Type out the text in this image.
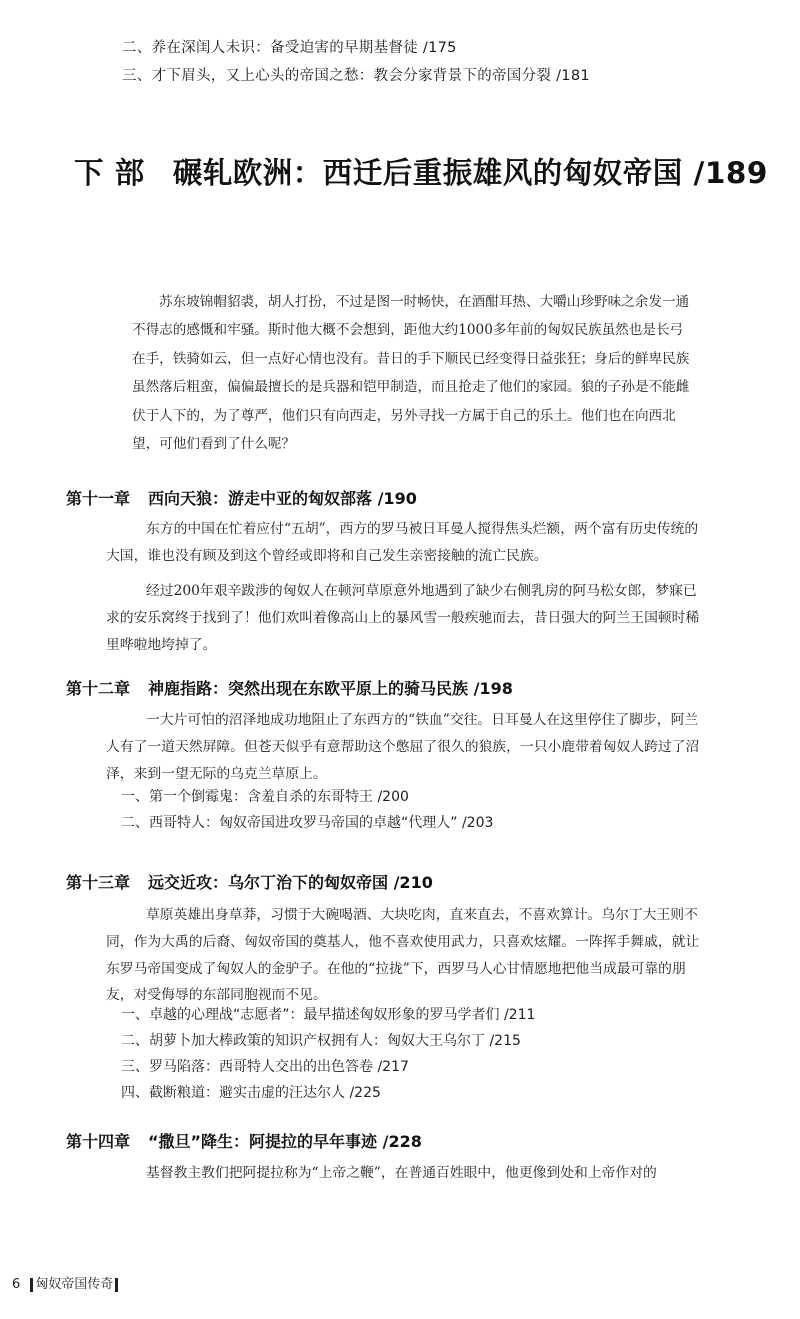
二、养在深闺人未识：备受迫害的早期基督徒 /175
三、才下眉头，又上心头的帝国之愁：教会分家背景下的帝国分裂 /181
下 部 碾轧欧洲：西迁后重振雄风的匈奴帝国 /189

苏东坡锦帽貂裘，胡人打扮，不过是图一时畅快，在酒酣耳热、大嚼山珍野味之余发一通不得志的感慨和牢骚。斯时他大概不会想到，距他大约1000多年前的匈奴民族虽然也是长弓在手，铁骑如云，但一点好心情也没有。昔日的手下顺民已经变得日益张狂；身后的鲜卑民族虽然落后粗蛮，偏偏最擅长的是兵器和铠甲制造，而且抢走了他们的家园。狼的子孙是不能雌伏于人下的，为了尊严，他们只有向西走，另外寻找一方属于自己的乐土。他们也在向西北望，可他们看到了什么呢？

第十一章 西向天狼：游走中亚的匈奴部落 /190

东方的中国在忙着应付“五胡”，西方的罗马被日耳曼人搅得焦头烂额，两个富有历史传统的大国，谁也没有顾及到这个曾经或即将和自己发生亲密接触的流亡民族。

经过200年艰辛跋涉的匈奴人在顿河草原意外地遇到了缺少右侧乳房的阿马松女郎，梦寐已求的安乐窝终于找到了！他们欢叫着像高山上的暴风雪一般疾驰而去，昔日强大的阿兰王国顿时稀里哗啦地垮掉了。

第十二章 神鹿指路：突然出现在东欧平原上的骑马民族 /198

一大片可怕的沼泽地成功地阻止了东西方的“铁血”交往。日耳曼人在这里停住了脚步，阿兰人有了一道天然屏障。但苍天似乎有意帮助这个憋屈了很久的狼族，一只小鹿带着匈奴人跨过了沼泽，来到一望无际的乌克兰草原上。

一、第一个倒霉鬼：含羞自杀的东哥特王 /200
二、西哥特人：匈奴帝国进攻罗马帝国的卓越“代理人” /203
第十三章 远交近攻：乌尔丁治下的匈奴帝国 /210

草原英雄出身草莽，习惯于大碗喝酒、大块吃肉，直来直去，不喜欢算计。乌尔丁大王则不同，作为大禹的后裔、匈奴帝国的奠基人，他不喜欢使用武力，只喜欢炫耀。一阵挥手舞戚，就让东罗马帝国变成了匈奴人的金驴子。在他的“拉拢”下，西罗马人心甘情愿地把他当成最可靠的朋友，对受侮辱的东部同胞视而不见。

一、卓越的心理战“志愿者”：最早描述匈奴形象的罗马学者们 /211
二、胡萝卜加大棒政策的知识产权拥有人：匈奴大王乌尔丁 /215
三、罗马陷落：西哥特人交出的出色答卷 /217
四、截断粮道：避实击虚的汪达尔人 /225
第十四章 “撒旦”降生：阿提拉的早年事迹 /228

基督教主教们把阿提拉称为“上帝之鞭”，在普通百姓眼中，他更像到处和上帝作对的

6 匈奴帝国传奇
